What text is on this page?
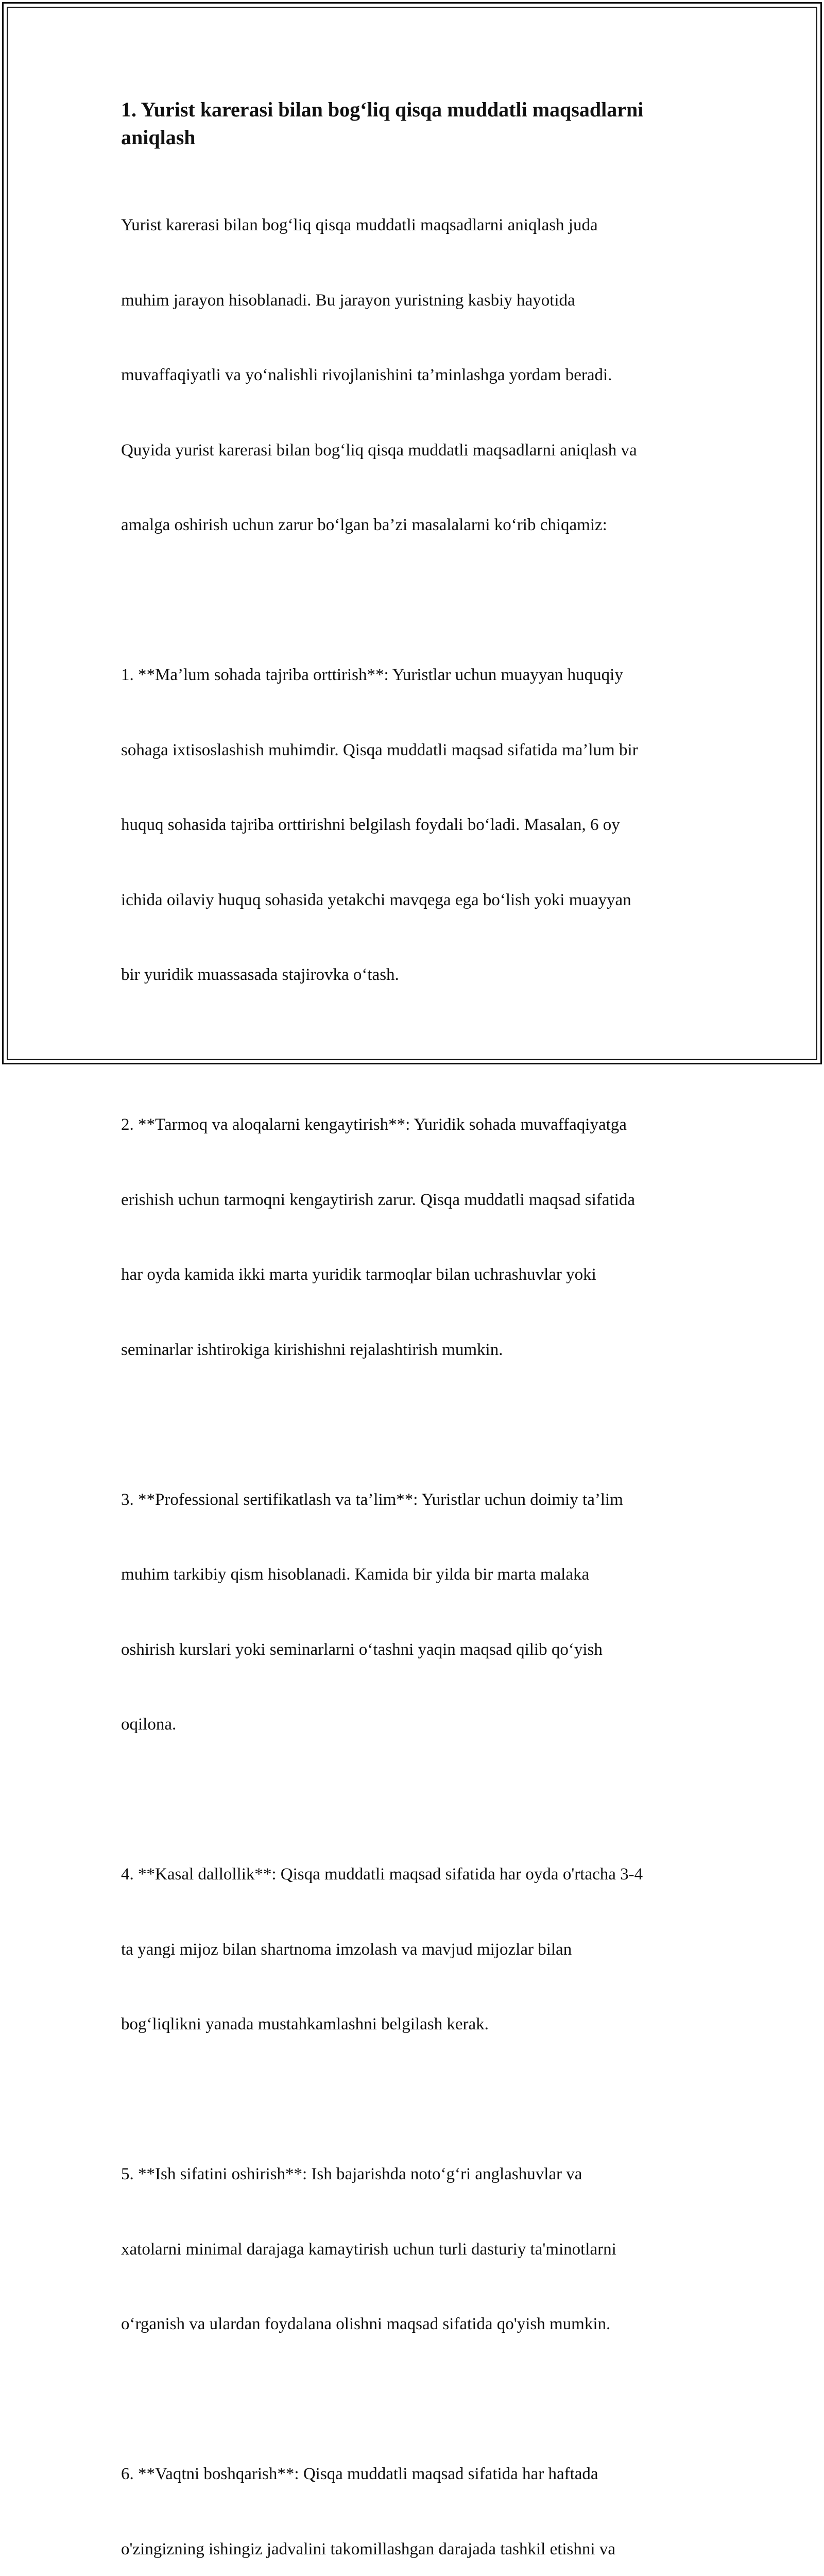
1. Yurist karerasi bilan bog‘liq qisqa muddatli maqsadlarni
aniqlash

Yurist karerasi bilan bog‘liq qisqa muddatli maqsadlarni aniqlash juda

muhim jarayon hisoblanadi. Bu jarayon yuristning kasbiy hayotida

muvaffaqiyatli va yo‘nalishli rivojlanishini ta’minlashga yordam beradi.

Quyida yurist karerasi bilan bog‘liq qisqa muddatli maqsadlarni aniqlash va

amalga oshirish uchun zarur bo‘lgan ba’zi masalalarni ko‘rib chiqamiz:

1. **Ma’lum sohada tajriba orttirish**: Yuristlar uchun muayyan huquqiy

sohaga ixtisoslashish muhimdir. Qisqa muddatli maqsad sifatida ma’lum bir

huquq sohasida tajriba orttirishni belgilash foydali bo‘ladi. Masalan, 6 oy

ichida oilaviy huquq sohasida yetakchi mavqega ega bo‘lish yoki muayyan

bir yuridik muassasada stajirovka o‘tash.

2. **Tarmoq va aloqalarni kengaytirish**: Yuridik sohada muvaffaqiyatga

erishish uchun tarmoqni kengaytirish zarur. Qisqa muddatli maqsad sifatida

har oyda kamida ikki marta yuridik tarmoqlar bilan uchrashuvlar yoki

seminarlar ishtirokiga kirishishni rejalashtirish mumkin.

3. **Professional sertifikatlash va ta’lim**: Yuristlar uchun doimiy ta’lim

muhim tarkibiy qism hisoblanadi. Kamida bir yilda bir marta malaka

oshirish kurslari yoki seminarlarni o‘tashni yaqin maqsad qilib qo‘yish

oqilona.

4. **Kasal dallollik**: Qisqa muddatli maqsad sifatida har oyda o'rtacha 3-4

ta yangi mijoz bilan shartnoma imzolash va mavjud mijozlar bilan

bog‘liqlikni yanada mustahkamlashni belgilash kerak.

5. **Ish sifatini oshirish**: Ish bajarishda noto‘g‘ri anglashuvlar va

xatolarni minimal darajaga kamaytirish uchun turli dasturiy ta'minotlarni

o‘rganish va ulardan foydalana olishni maqsad sifatida qo'yish mumkin.

6. **Vaqtni boshqarish**: Qisqa muddatli maqsad sifatida har haftada

o'zingizning ishingiz jadvalini takomillashgan darajada tashkil etishni va
